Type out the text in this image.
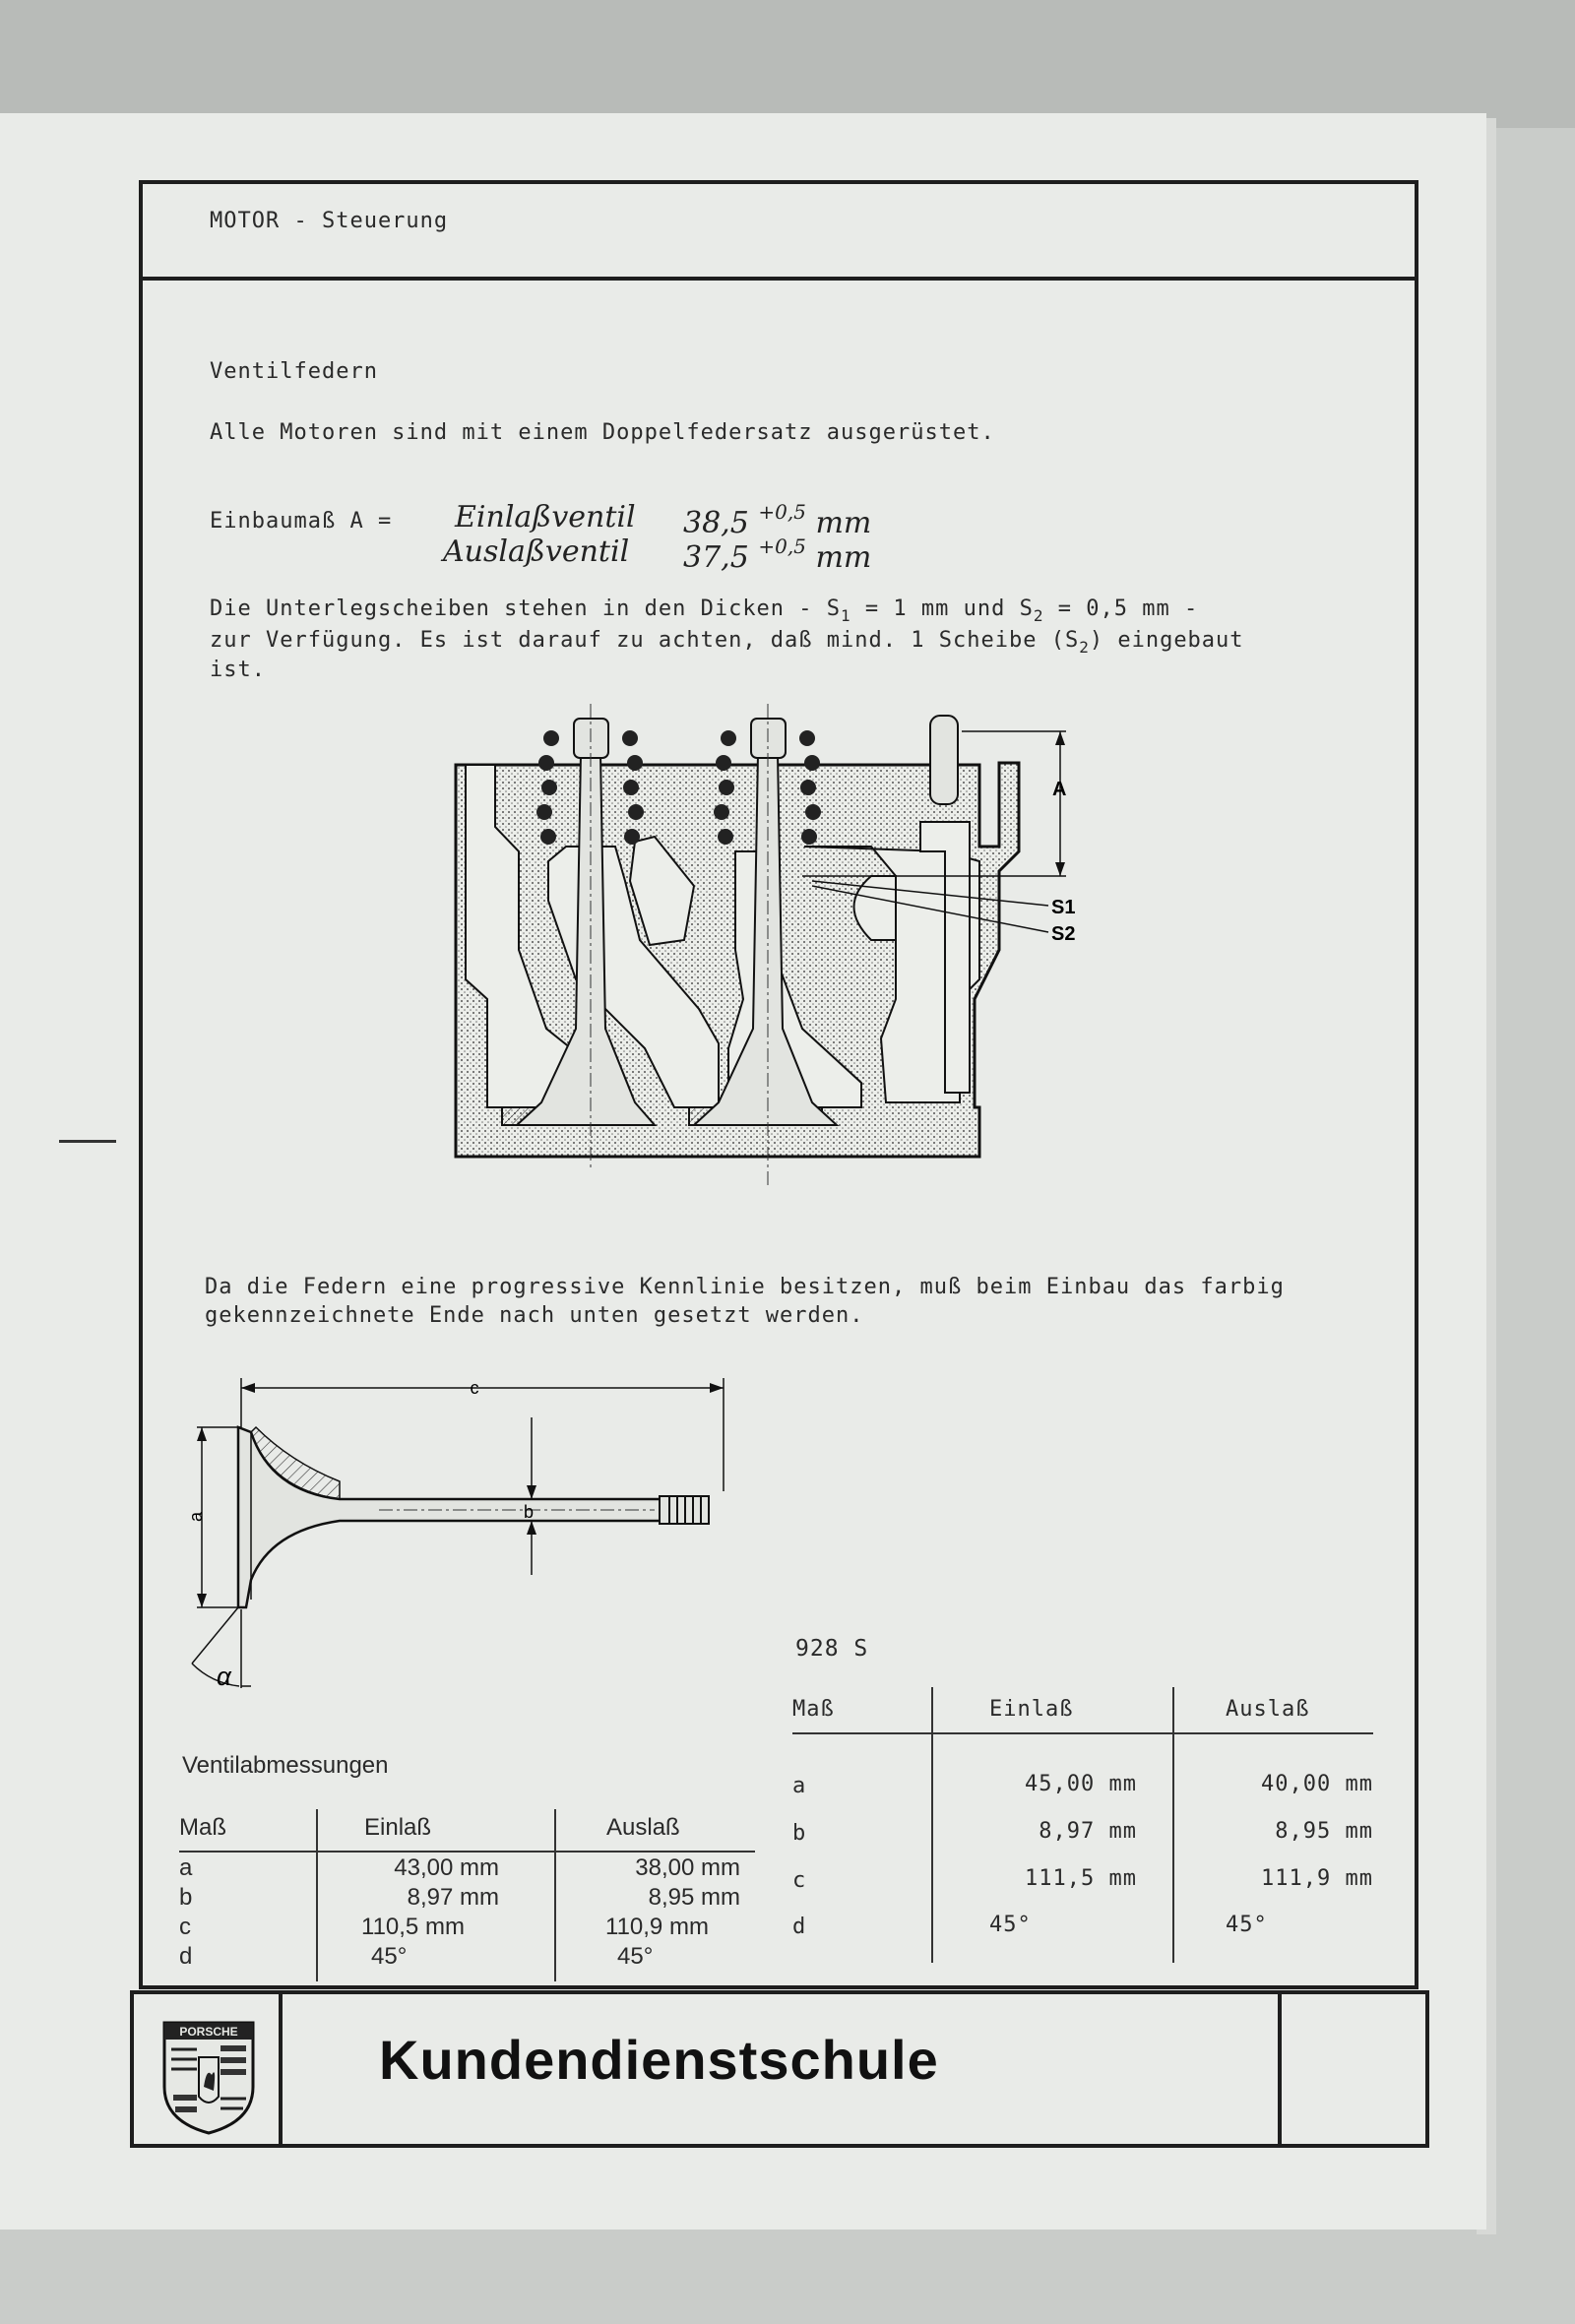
MOTOR - Steuerung
Ventilfedern
Alle Motoren sind mit einem Doppelfedersatz ausgerüstet.
Einbaumaß A = Einlaßventil 38,5 $^{+0,5}$ mm
Auslaßventil 37,5 $^{+0,5}$ mm
Die Unterlegscheiben stehen in den Dicken - $S_1 = 1$ mm und $S_2 = 0,5$ mm -
zur Verfügung. Es ist darauf zu achten, daß mind. 1 Scheibe $(S_2)$ eingebaut
ist.
A
S1
S2
Da die Federn eine progressive Kennlinie besitzen, muß beim Einbau das farbig
gekennzeichnete Ende nach unten gesetzt werden.
c
a	b
α
928 S
Maß	Einlaß	Auslaß
a	45,00 mm	40,00 mm
b	8,97 mm	8,95 mm
c	111,5 mm	111,9 mm
d	45°	45°
Ventilabmessungen
Maß	Einlaß	Auslaß
a	43,00 mm	38,00 mm
b	8,97 mm	8,95 mm
c	110,5 mm	110,9 mm
d	45°	45°
PORSCHE	Kundendienstschule
